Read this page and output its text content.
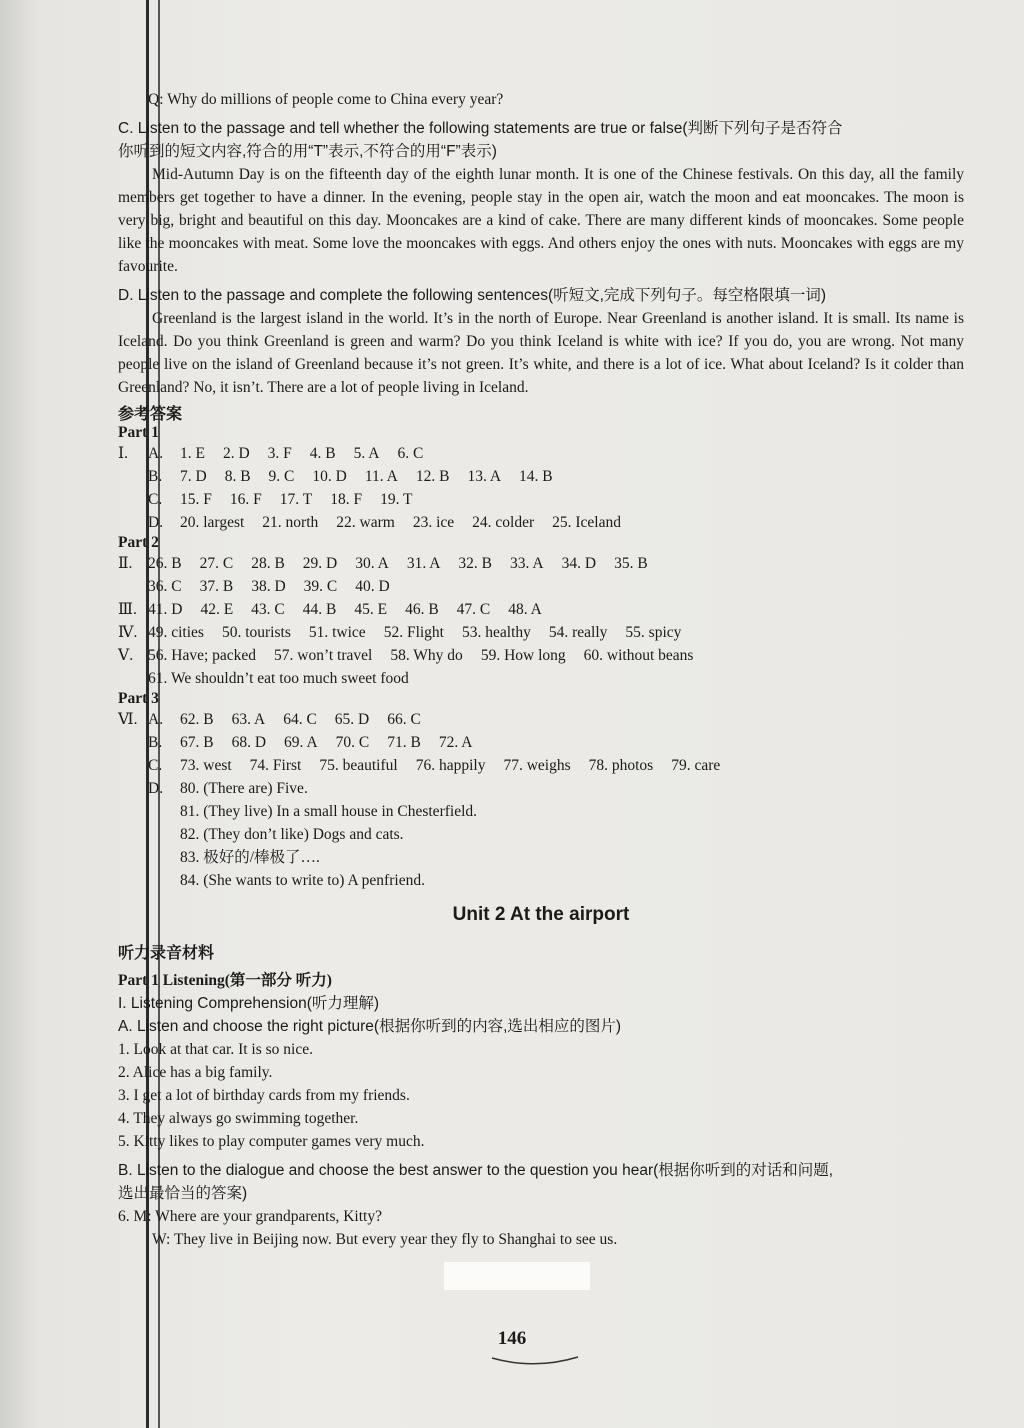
Q: Why do millions of people come to China every year?
C. Listen to the passage and tell whether the following statements are true or false(判断下列句子是否符合
你听到的短文内容,符合的用“T”表示,不符合的用“F”表示)
Mid-Autumn Day is on the fifteenth day of the eighth lunar month. It is one of the Chinese festivals. On this day, all the family members get together to have a dinner. In the evening, people stay in the open air, watch the moon and eat mooncakes. The moon is very big, bright and beautiful on this day. Mooncakes are a kind of cake. There are many different kinds of mooncakes. Some people like the mooncakes with meat. Some love the mooncakes with eggs. And others enjoy the ones with nuts. Mooncakes with eggs are my favourite.
D. Listen to the passage and complete the following sentences(听短文,完成下列句子。每空格限填一词)
Greenland is the largest island in the world. It’s in the north of Europe. Near Greenland is another island. It is small. Its name is Iceland. Do you think Greenland is green and warm? Do you think Iceland is white with ice? If you do, you are wrong. Not many people live on the island of Greenland because it’s not green. It’s white, and there is a lot of ice. What about Iceland? Is it colder than Greenland? No, it isn’t. There are a lot of people living in Iceland.
参考答案
Part 1
Ⅰ.	A.	1. E 2. D 3. F 4. B 5. A 6. C
B.	7. D 8. B 9. C 10. D 11. A 12. B 13. A 14. B
C.	15. F 16. F 17. T 18. F 19. T
D.	20. largest 21. north 22. warm 23. ice 24. colder 25. Iceland
Part 2
Ⅱ.	26. B 27. C 28. B 29. D 30. A 31. A 32. B 33. A 34. D 35. B
36. C 37. B 38. D 39. C 40. D
Ⅲ. 41. D 42. E 43. C 44. B 45. E 46. B 47. C 48. A
Ⅳ. 49. cities 50. tourists 51. twice 52. Flight 53. healthy 54. really 55. spicy
Ⅴ. 56. Have; packed 57. won’t travel 58. Why do 59. How long 60. without beans
61. We shouldn’t eat too much sweet food
Part 3
Ⅵ. A.	62. B 63. A 64. C 65. D 66. C
B.	67. B 68. D 69. A 70. C 71. B 72. A
C.	73. west 74. First 75. beautiful 76. happily 77. weighs 78. photos 79. care
D.	80. (There are) Five.
81. (They live) In a small house in Chesterfield.
82. (They don’t like) Dogs and cats.
83. 极好的/棒极了….
84. (She wants to write to) A penfriend.
Unit 2 At the airport
听力录音材料
Part 1 Listening(第一部分 听力)
I. Listening Comprehension(听力理解)
A. Listen and choose the right picture(根据你听到的内容,选出相应的图片)
1. Look at that car. It is so nice.
2. Alice has a big family.
3. I get a lot of birthday cards from my friends.
4. They always go swimming together.
5. Kitty likes to play computer games very much.
B. Listen to the dialogue and choose the best answer to the question you hear(根据你听到的对话和问题,
选出最恰当的答案)
6. M: Where are your grandparents, Kitty?
W: They live in Beijing now. But every year they fly to Shanghai to see us.
146
